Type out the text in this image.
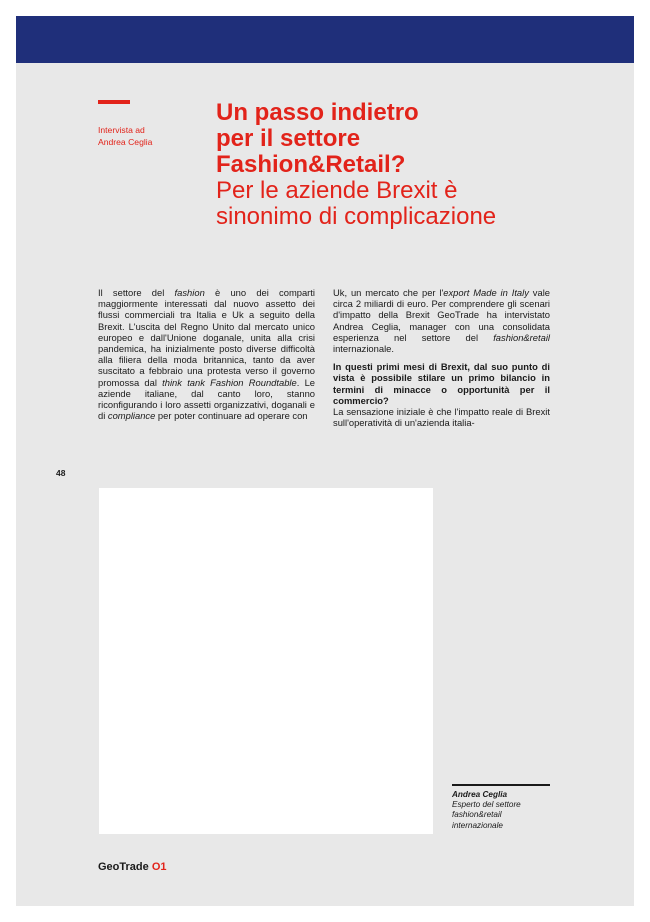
Intervista ad
Andrea Ceglia
Un passo indietro
per il settore
Fashion&Retail?
Per le aziende Brexit è
sinonimo di complicazione

Il settore del fashion è uno dei comparti maggiormente interessati dal nuovo assetto dei flussi commerciali tra Italia e Uk a seguito della Brexit. L'uscita del Regno Unito dal mercato unico europeo e dall'Unione doganale, unita alla crisi pandemica, ha inizialmente posto diverse difficoltà alla filiera della moda britannica, tanto da aver suscitato a febbraio una protesta verso il governo promossa dal think tank Fashion Roundtable. Le aziende italiane, dal canto loro, stanno riconfigurando i loro assetti organizzativi, doganali e di compliance per poter continuare ad operare con

Uk, un mercato che per l'export Made in Italy vale circa 2 miliardi di euro. Per comprendere gli scenari d'impatto della Brexit GeoTrade ha intervistato Andrea Ceglia, manager con una consolidata esperienza nel settore del fashion&retail internazionale.

In questi primi mesi di Brexit, dal suo punto di vista è possibile stilare un primo bilancio in termini di minacce o opportunità per il commercio?

La sensazione iniziale è che l'impatto reale di Brexit sull'operatività di un'azienda italia-

48
Andrea Ceglia
Esperto del settore
fashion&retail
internazionale
GeoTrade O1
